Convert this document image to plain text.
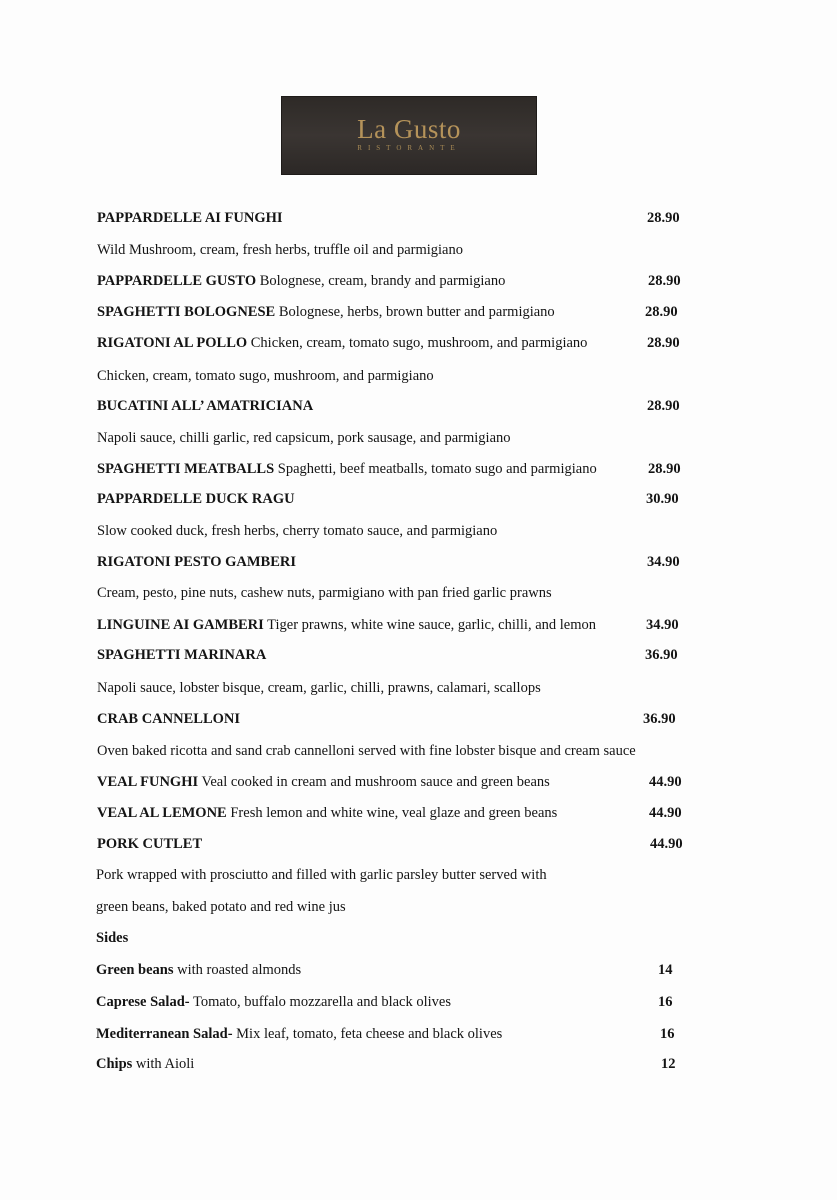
La Gusto
RISTORANTE
PAPPARDELLE AI FUNGHI	28.90
Wild Mushroom, cream, fresh herbs, truffle oil and parmigiano
PAPPARDELLE GUSTO Bolognese, cream, brandy and parmigiano	28.90
SPAGHETTI BOLOGNESE Bolognese, herbs, brown butter and parmigiano	28.90
RIGATONI AL POLLO Chicken, cream, tomato sugo, mushroom, and parmigiano	28.90
Chicken, cream, tomato sugo, mushroom, and parmigiano
BUCATINI ALL’ AMATRICIANA	28.90
Napoli sauce, chilli garlic, red capsicum, pork sausage, and parmigiano
SPAGHETTI MEATBALLS Spaghetti, beef meatballs, tomato sugo and parmigiano	28.90
PAPPARDELLE DUCK RAGU	30.90
Slow cooked duck, fresh herbs, cherry tomato sauce, and parmigiano
RIGATONI PESTO GAMBERI	34.90
Cream, pesto, pine nuts, cashew nuts, parmigiano with pan fried garlic prawns
LINGUINE AI GAMBERI Tiger prawns, white wine sauce, garlic, chilli, and lemon	34.90
SPAGHETTI MARINARA	36.90
Napoli sauce, lobster bisque, cream, garlic, chilli, prawns, calamari, scallops
CRAB CANNELLONI	36.90
Oven baked ricotta and sand crab cannelloni served with fine lobster bisque and cream sauce
VEAL FUNGHI Veal cooked in cream and mushroom sauce and green beans	44.90
VEAL AL LEMONE Fresh lemon and white wine, veal glaze and green beans	44.90
PORK CUTLET	44.90
Pork wrapped with prosciutto and filled with garlic parsley butter served with
green beans, baked potato and red wine jus
Sides
Green beans with roasted almonds	14
Caprese Salad- Tomato, buffalo mozzarella and black olives	16
Mediterranean Salad- Mix leaf, tomato, feta cheese and black olives	16
Chips with Aioli	12
